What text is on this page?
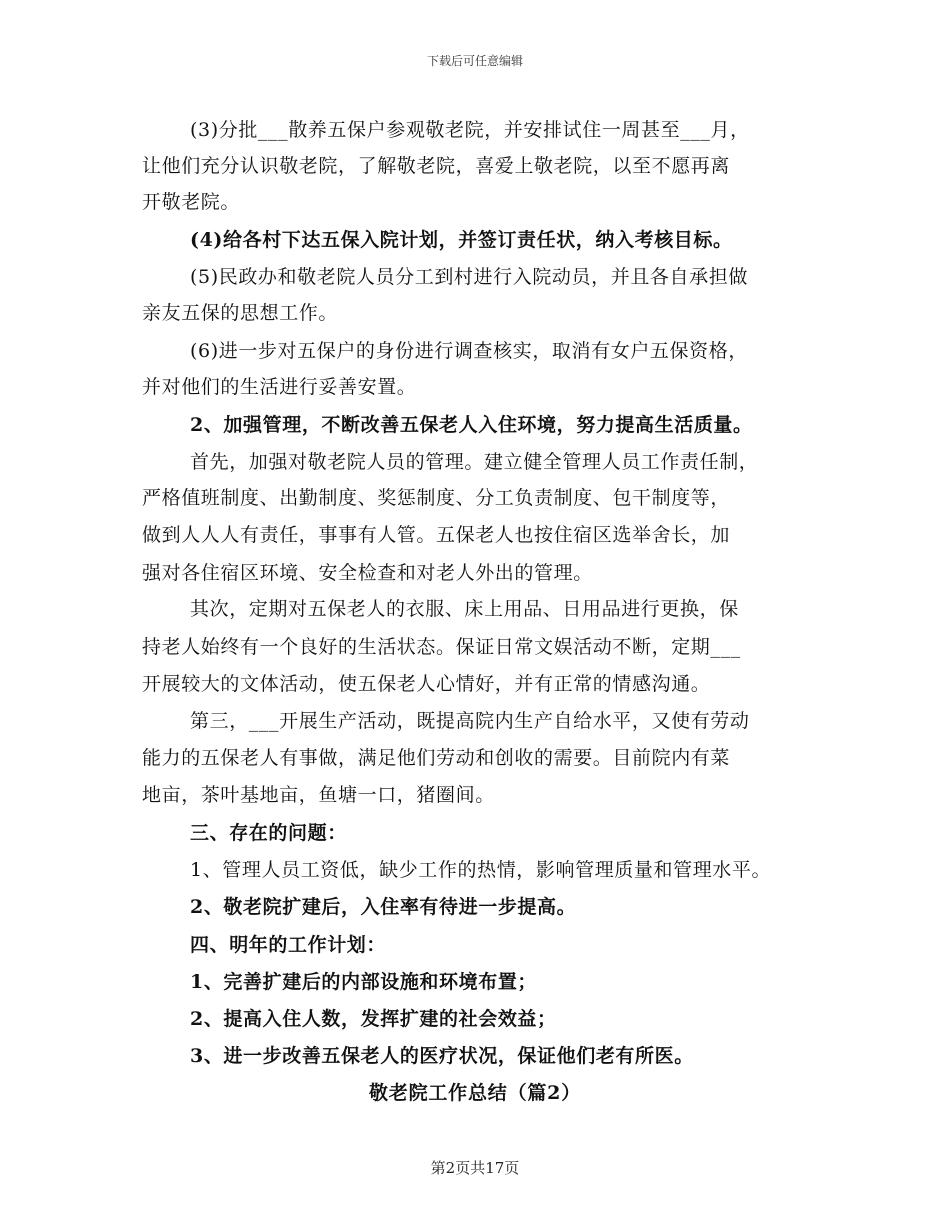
下载后可任意编辑
(3)分批___散养五保户参观敬老院，并安排试住一周甚至___月，
让他们充分认识敬老院，了解敬老院，喜爱上敬老院，以至不愿再离
开敬老院。
(4)给各村下达五保入院计划，并签订责任状，纳入考核目标。
(5)民政办和敬老院人员分工到村进行入院动员，并且各自承担做
亲友五保的思想工作。
(6)进一步对五保户的身份进行调查核实，取消有女户五保资格，
并对他们的生活进行妥善安置。
2、加强管理，不断改善五保老人入住环境，努力提高生活质量。
首先，加强对敬老院人员的管理。建立健全管理人员工作责任制，
严格值班制度、出勤制度、奖惩制度、分工负责制度、包干制度等，
做到人人人有责任，事事有人管。五保老人也按住宿区选举舍长，加
强对各住宿区环境、安全检查和对老人外出的管理。
其次，定期对五保老人的衣服、床上用品、日用品进行更换，保
持老人始终有一个良好的生活状态。保证日常文娱活动不断，定期___
开展较大的文体活动，使五保老人心情好，并有正常的情感沟通。
第三，___开展生产活动，既提高院内生产自给水平，又使有劳动
能力的五保老人有事做，满足他们劳动和创收的需要。目前院内有菜
地亩，茶叶基地亩，鱼塘一口，猪圈间。
三、存在的问题：
1、管理人员工资低，缺少工作的热情，影响管理质量和管理水平。
2、敬老院扩建后，入住率有待进一步提高。
四、明年的工作计划：
1、完善扩建后的内部设施和环境布置；
2、提高入住人数，发挥扩建的社会效益；
3、进一步改善五保老人的医疗状况，保证他们老有所医。
敬老院工作总结（篇2）
第2页共17页
